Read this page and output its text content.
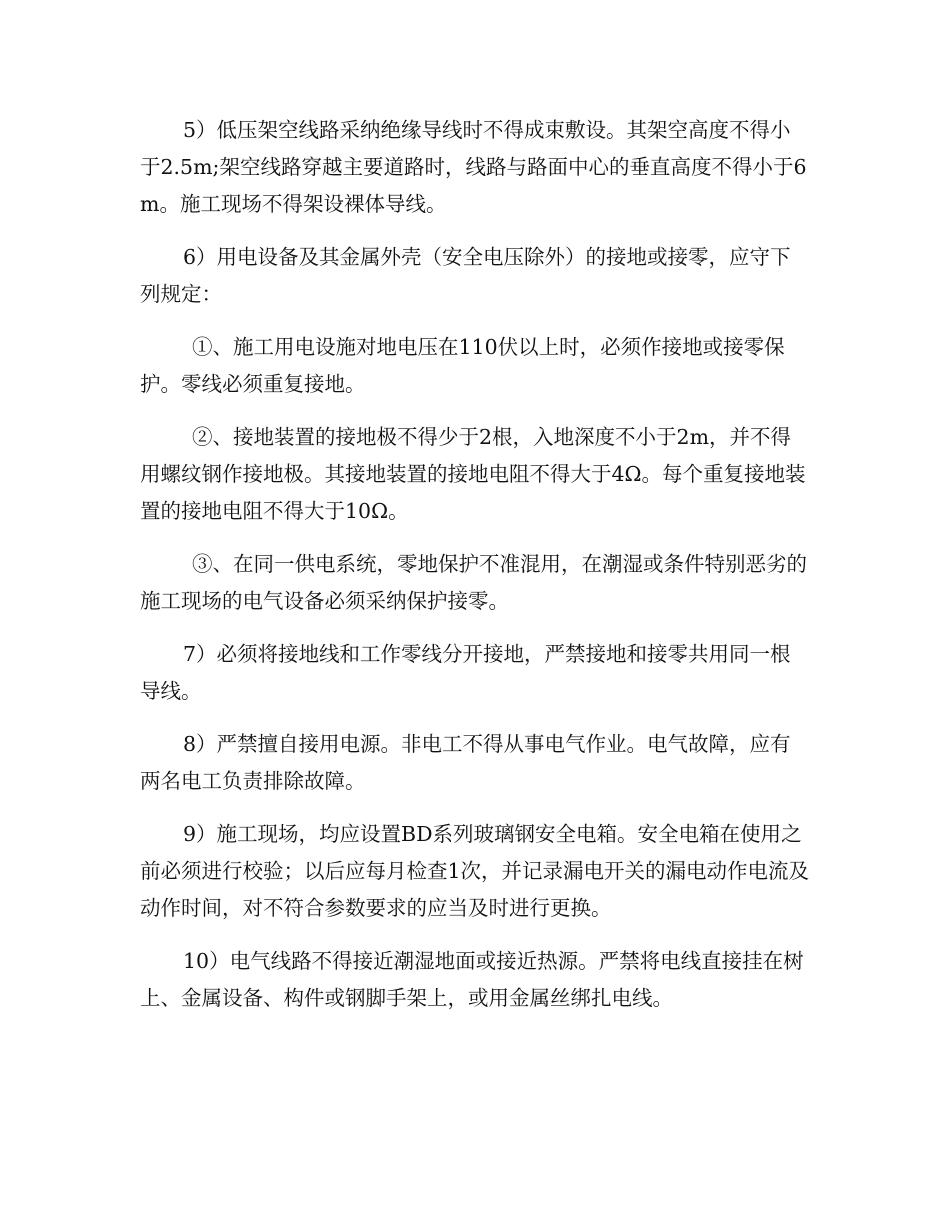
5）低压架空线路采纳绝缘导线时不得成束敷设。其架空高度不得小于2.5m;架空线路穿越主要道路时，线路与路面中心的垂直高度不得小于6m。施工现场不得架设裸体导线。

6）用电设备及其金属外壳（安全电压除外）的接地或接零，应守下列规定：

①、施工用电设施对地电压在110伏以上时，必须作接地或接零保护。零线必须重复接地。

②、接地装置的接地极不得少于2根，入地深度不小于2m，并不得用螺纹钢作接地极。其接地装置的接地电阻不得大于4Ω。每个重复接地装置的接地电阻不得大于10Ω。

③、在同一供电系统，零地保护不准混用，在潮湿或条件特别恶劣的施工现场的电气设备必须采纳保护接零。

7）必须将接地线和工作零线分开接地，严禁接地和接零共用同一根导线。

8）严禁擅自接用电源。非电工不得从事电气作业。电气故障，应有两名电工负责排除故障。

9）施工现场，均应设置BD系列玻璃钢安全电箱。安全电箱在使用之前必须进行校验；以后应每月检查1次，并记录漏电开关的漏电动作电流及动作时间，对不符合参数要求的应当及时进行更换。

10）电气线路不得接近潮湿地面或接近热源。严禁将电线直接挂在树上、金属设备、构件或钢脚手架上，或用金属丝绑扎电线。
